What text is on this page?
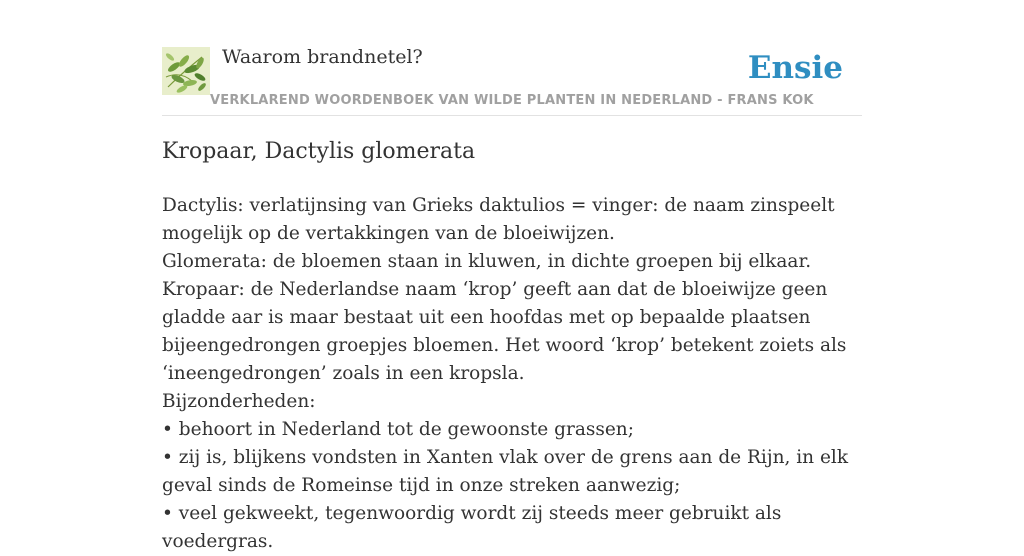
Waarom brandnetel?
VERKLAREND WOORDENBOEK VAN WILDE PLANTEN IN NEDERLAND - FRANS KOK
Ensie
Kropaar, Dactylis glomerata

Dactylis: verlatijnsing van Grieks daktulios = vinger: de naam zinspeelt mogelijk op de vertakkingen van de bloeiwijzen.

Glomerata: de bloemen staan in kluwen, in dichte groepen bij elkaar.

Kropaar: de Nederlandse naam ‘krop’ geeft aan dat de bloeiwijze geen gladde aar is maar bestaat uit een hoofdas met op bepaalde plaatsen bijeengedrongen groepjes bloemen. Het woord ‘krop’ betekent zoiets als ‘ineengedrongen’ zoals in een kropsla.

Bijzonderheden:

• behoort in Nederland tot de gewoonste grassen;

• zij is, blijkens vondsten in Xanten vlak over de grens aan de Rijn, in elk geval sinds de Romeinse tijd in onze streken aanwezig;

• veel gekweekt, tegenwoordig wordt zij steeds meer gebruikt als voedergras.
